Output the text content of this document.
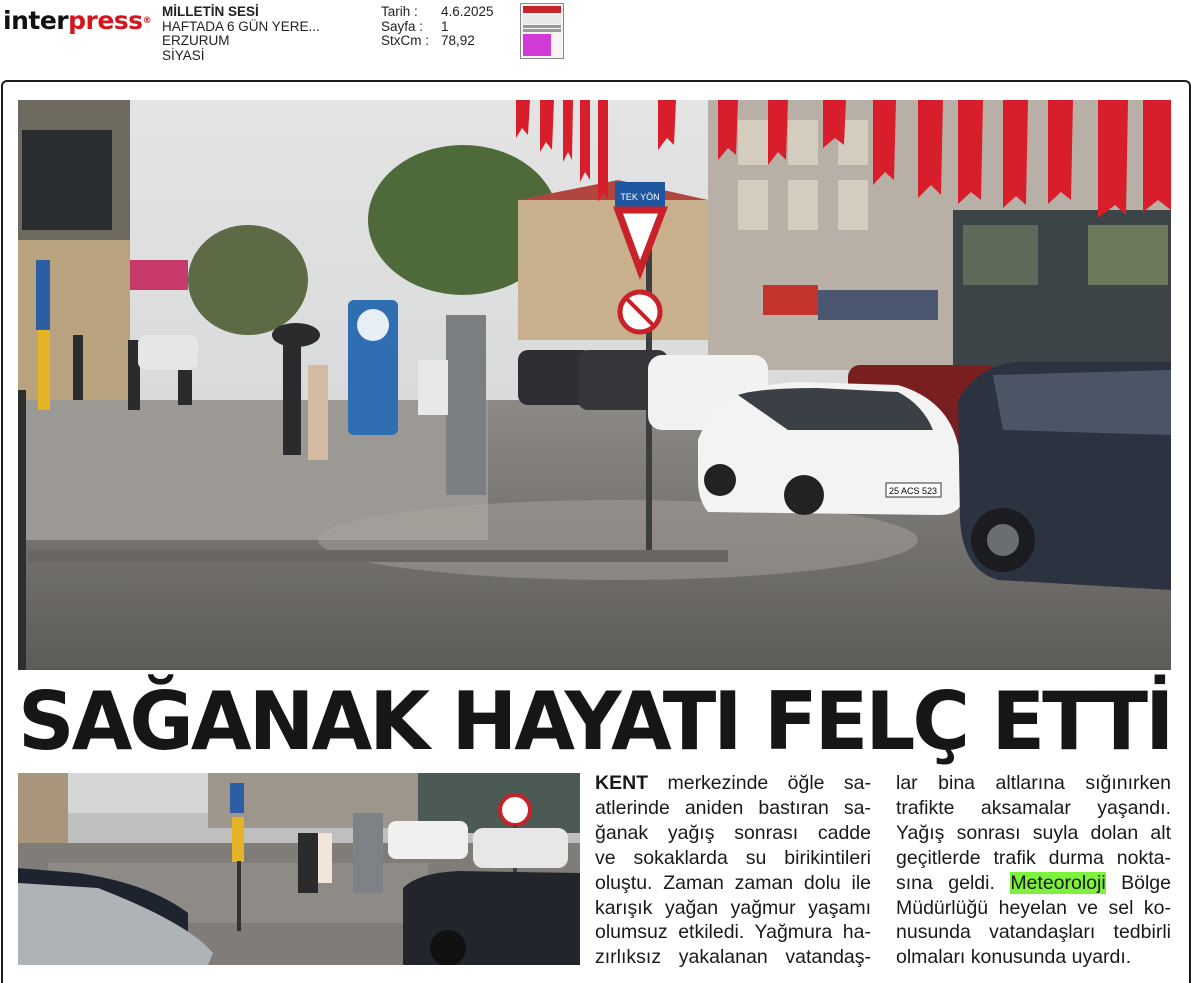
interpress®
MİLLETİN SESİ
HAFTADA 6 GÜN YERE...
ERZURUM
SİYASİ
Tarih :	4.6.2025
Sayfa :	1
StxCm : 78,92
TEK YÖN
25 ACS 523
SAĞANAK HAYATI FELÇ ETTİ
KENT merkezinde öğle sa-
atlerinde aniden bastıran sa-
ğanak yağış sonrası cadde
ve sokaklarda su birikintileri
oluştu. Zaman zaman dolu ile
karışık yağan yağmur yaşamı
olumsuz etkiledi. Yağmura ha-
zırlıksız yakalanan vatandaş-
lar bina altlarına sığınırken
trafikte aksamalar yaşandı.
Yağış sonrası suyla dolan alt
geçitlerde trafik durma nokta-
sına geldi. Meteoroloji Bölge
Müdürlüğü heyelan ve sel ko-
nusunda vatandaşları tedbirli
olmaları konusunda uyardı.
